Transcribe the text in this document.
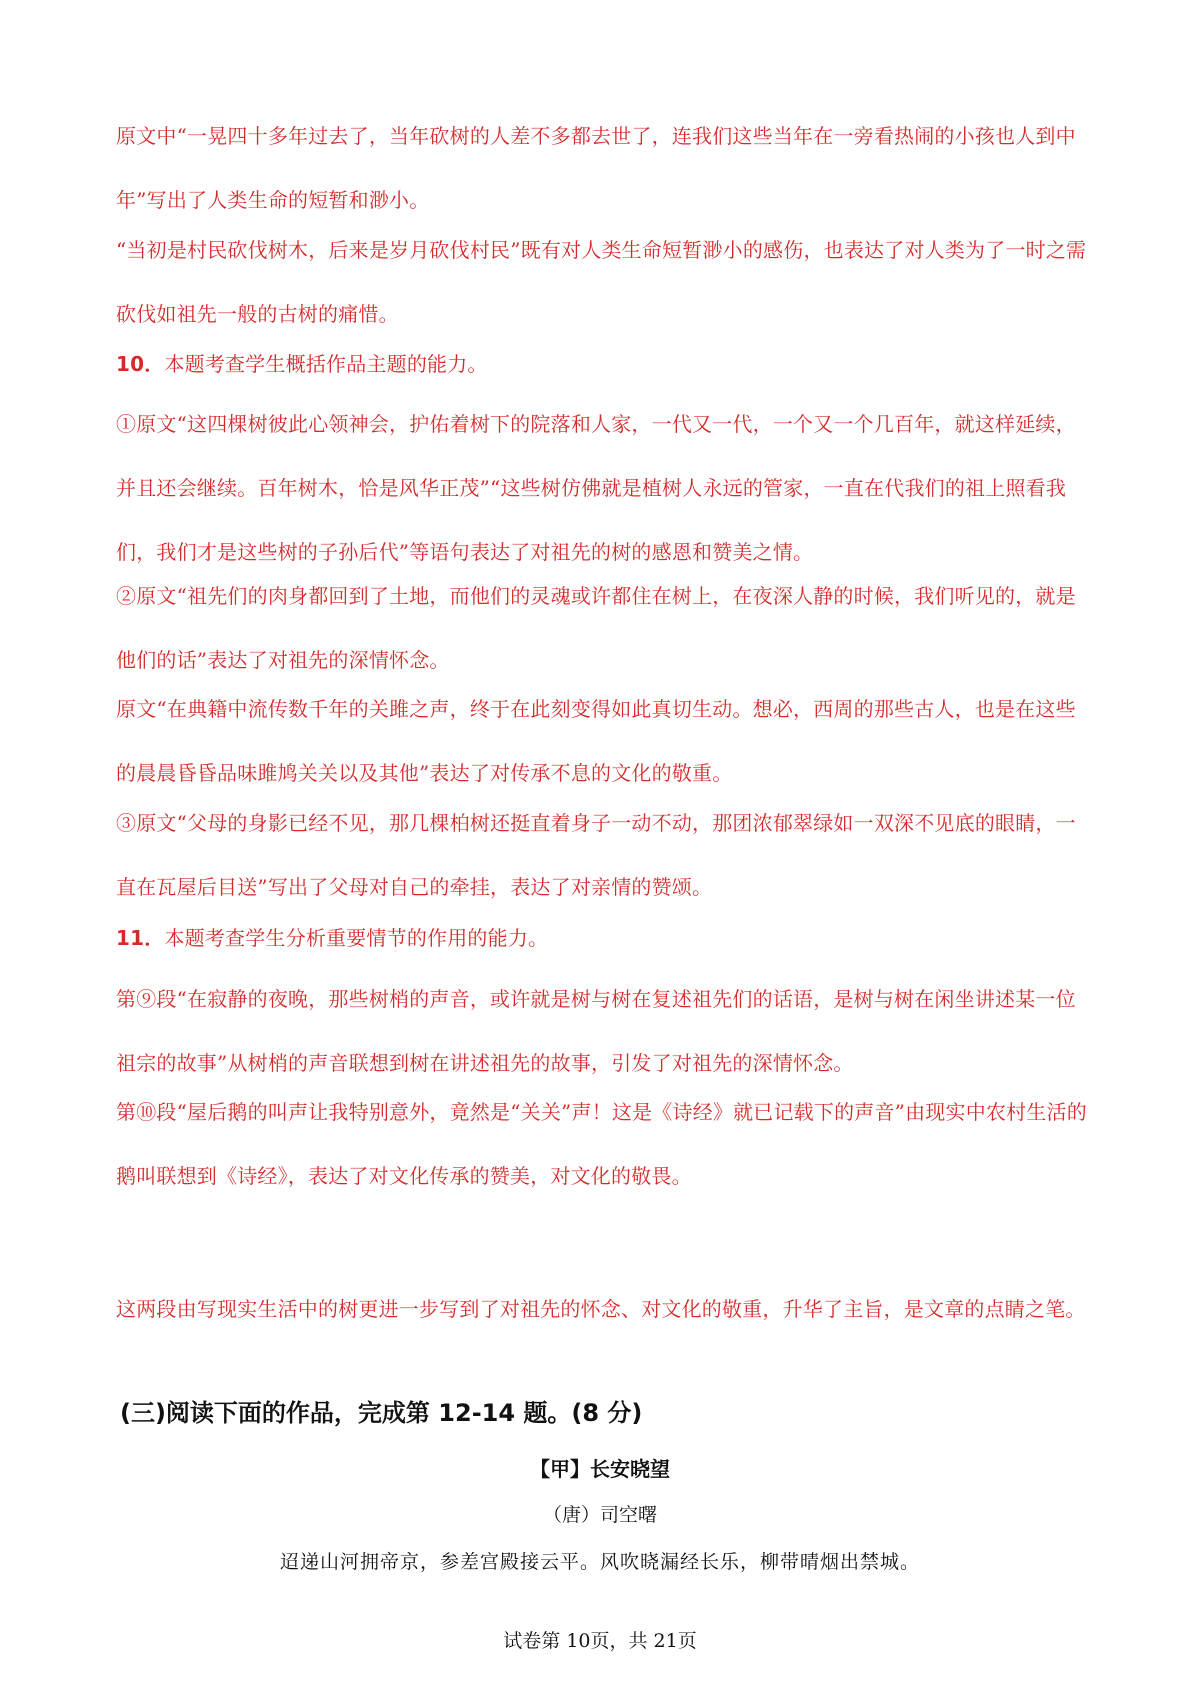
原文中“一晃四十多年过去了，当年砍树的人差不多都去世了，连我们这些当年在一旁看热闹的小孩也人到中年”写出了人类生命的短暂和渺小。

“当初是村民砍伐树木，后来是岁月砍伐村民”既有对人类生命短暂渺小的感伤，也表达了对人类为了一时之需砍伐如祖先一般的古树的痛惜。

10．本题考查学生概括作品主题的能力。

①原文“这四棵树彼此心领神会，护佑着树下的院落和人家，一代又一代，一个又一个几百年，就这样延续，并且还会继续。百年树木，恰是风华正茂”“这些树仿佛就是植树人永远的管家，一直在代我们的祖上照看我们，我们才是这些树的子孙后代”等语句表达了对祖先的树的感恩和赞美之情。

②原文“祖先们的肉身都回到了土地，而他们的灵魂或许都住在树上，在夜深人静的时候，我们听见的，就是他们的话”表达了对祖先的深情怀念。

原文“在典籍中流传数千年的关雎之声，终于在此刻变得如此真切生动。想必，西周的那些古人，也是在这些的晨晨昏昏品味雎鸠关关以及其他”表达了对传承不息的文化的敬重。

③原文“父母的身影已经不见，那几棵柏树还挺直着身子一动不动，那团浓郁翠绿如一双深不见底的眼睛，一直在瓦屋后目送”写出了父母对自己的牵挂，表达了对亲情的赞颂。

11．本题考查学生分析重要情节的作用的能力。

第⑨段“在寂静的夜晚，那些树梢的声音，或许就是树与树在复述祖先们的话语，是树与树在闲坐讲述某一位祖宗的故事”从树梢的声音联想到树在讲述祖先的故事，引发了对祖先的深情怀念。

第⑩段“屋后鹅的叫声让我特别意外，竟然是“关关”声！这是《诗经》就已记载下的声音”由现实中农村生活的鹅叫联想到《诗经》，表达了对文化传承的赞美，对文化的敬畏。

这两段由写现实生活中的树更进一步写到了对祖先的怀念、对文化的敬重，升华了主旨，是文章的点睛之笔。

(三)阅读下面的作品，完成第 12-14 题。(8 分)

【甲】长安晓望

（唐）司空曙

迢递山河拥帝京，参差宫殿接云平。风吹晓漏经长乐，柳带晴烟出禁城。

试卷第 10页，共 21页
